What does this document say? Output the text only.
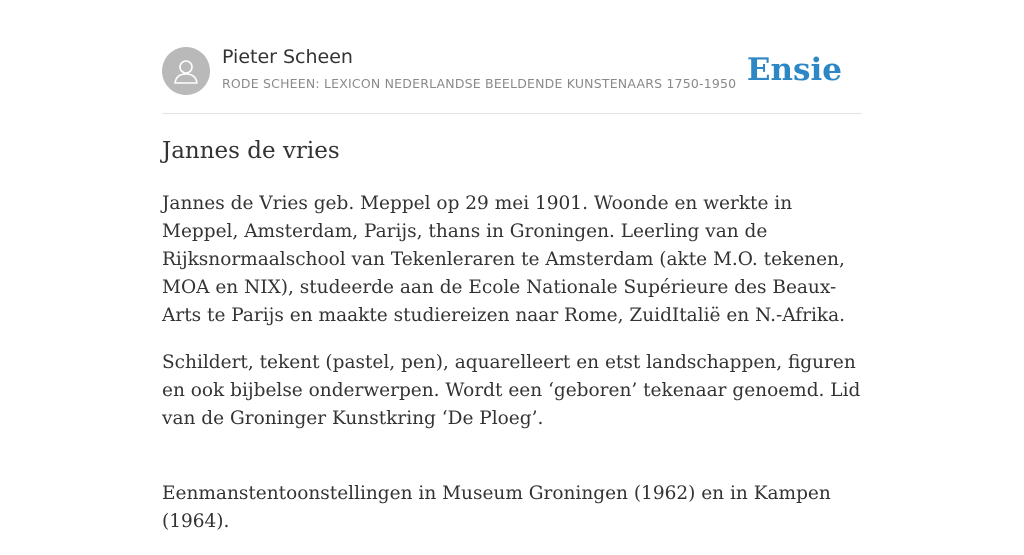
Pieter Scheen
RODE SCHEEN: LEXICON NEDERLANDSE BEELDENDE KUNSTENAARS 1750-1950 Ensie
Jannes de vries

Jannes de Vries geb. Meppel op 29 mei 1901. Woonde en werkte in Meppel, Amsterdam, Parijs, thans in Groningen. Leerling van de Rijksnormaalschool van Tekenleraren te Amsterdam (akte M.O. tekenen, MOA en NIX), studeerde aan de Ecole Nationale Supérieure des Beaux-Arts te Parijs en maakte studiereizen naar Rome, ZuidItalië en N.-Afrika.

Schildert, tekent (pastel, pen), aquarelleert en etst landschappen, figuren en ook bijbelse onderwerpen. Wordt een ‘geboren’ tekenaar genoemd. Lid van de Groninger Kunstkring ‘De Ploeg’.

Eenmanstentoonstellingen in Museum Groningen (1962) en in Kampen (1964).
